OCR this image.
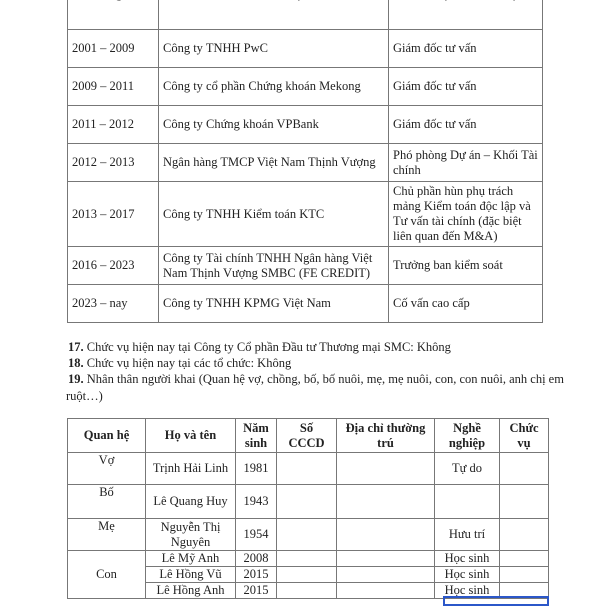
2001 – 2009	Công ty TNHH PwC	Giám đốc tư vấn
2009 – 2011	Công ty cổ phần Chứng khoán Mekong	Giám đốc tư vấn
2011 – 2012	Công ty Chứng khoán VPBank	Giám đốc tư vấn
2012 – 2013	Ngân hàng TMCP Việt Nam Thịnh Vượng	Phó phòng Dự án – Khối Tài chính
2013 – 2017	Công ty TNHH Kiểm toán KTC	Chủ phần hùn phụ trách mảng Kiểm toán độc lập và Tư vấn tài chính (đặc biệt liên quan đến M&A)
2016 – 2023	Công ty Tài chính TNHH Ngân hàng Việt Nam Thịnh Vượng SMBC (FE CREDIT)	Trưởng ban kiểm soát
2023 – nay	Công ty TNHH KPMG Việt Nam	Cố vấn cao cấp
17. Chức vụ hiện nay tại Công ty Cổ phần Đầu tư Thương mại SMC: Không
18. Chức vụ hiện nay tại các tổ chức: Không
19. Nhân thân người khai (Quan hệ vợ, chồng, bố, bố nuôi, mẹ, mẹ nuôi, con, con nuôi, anh chị em
ruột…)
Quan hệ	Họ và tên	Năm sinh	Số CCCD	Địa chỉ thường trú	Nghề nghiệp	Chức vụ
Vợ	Trịnh Hải Linh	1981			Tự do	
Bố	Lê Quang Huy	1943				
Mẹ	Nguyễn Thị Nguyên	1954			Hưu trí	
Con	Lê Mỹ Anh	2008			Học sinh	
	Lê Hồng Vũ	2015			Học sinh	
	Lê Hồng Anh	2015			Học sinh	
